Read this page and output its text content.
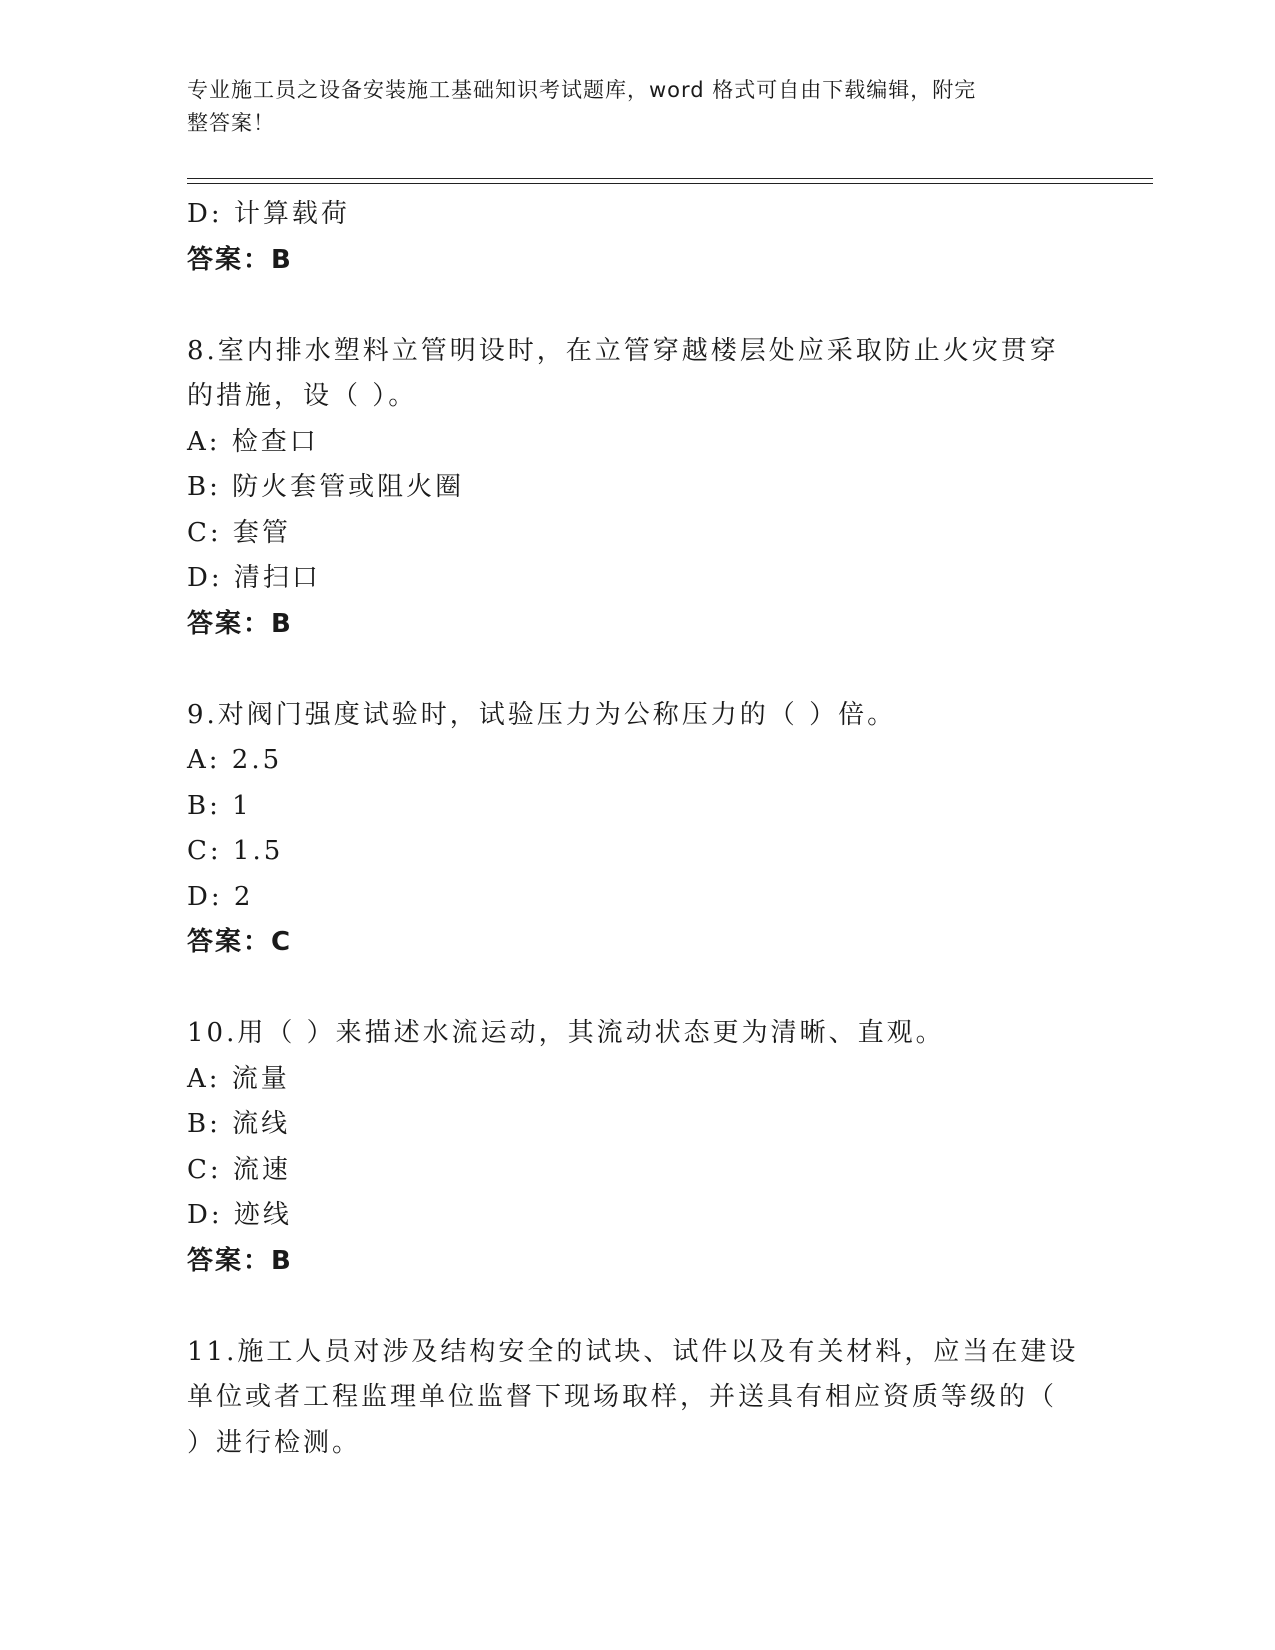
专业施工员之设备安装施工基础知识考试题库，word 格式可自由下载编辑，附完
整答案！
D: 计算载荷
答案：B
8.室内排水塑料立管明设时，在立管穿越楼层处应采取防止火灾贯穿
的措施，设（ ）。
A: 检查口
B: 防火套管或阻火圈
C: 套管
D: 清扫口
答案：B
9.对阀门强度试验时，试验压力为公称压力的（ ）倍。
A: 2.5
B: 1
C: 1.5
D: 2
答案：C
10.用（ ）来描述水流运动，其流动状态更为清晰、直观。
A: 流量
B: 流线
C: 流速
D: 迹线
答案：B
11.施工人员对涉及结构安全的试块、试件以及有关材料，应当在建设
单位或者工程监理单位监督下现场取样，并送具有相应资质等级的（
）进行检测。
